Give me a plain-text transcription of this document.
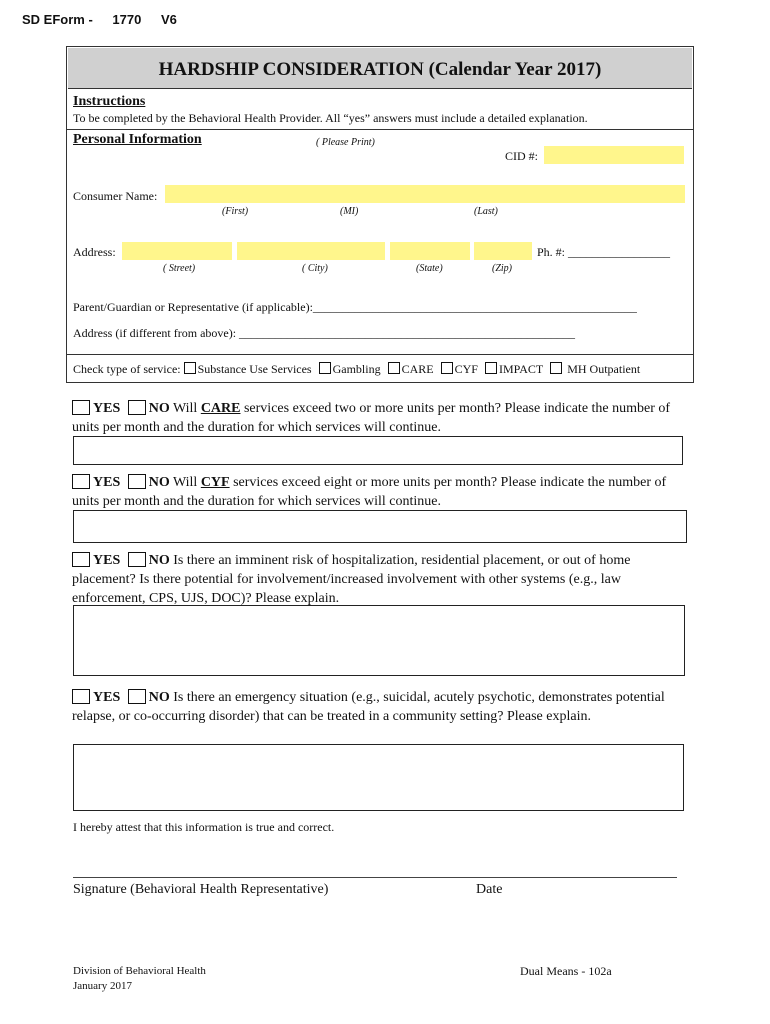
SD EForm - 1770 V6
HARDSHIP CONSIDERATION (Calendar Year 2017)
Instructions
To be completed by the Behavioral Health Provider. All “yes” answers must include a detailed explanation.
Personal Information	( Please Print)
CID #:
Consumer Name:
(First)	(MI)	(Last)
Address:	Ph. #: _________________
( Street)	( City)	(State)	(Zip)
Parent/Guardian or Representative (if applicable):______________________________________________________
Address (if different from above): ________________________________________________________
Check type of service: Substance Use Services Gambling CARE CYF IMPACT  MH Outpatient
YES NO Will CARE services exceed two or more units per month? Please indicate the number of units per month and the duration for which services will continue.
YES NO Will CYF services exceed eight or more units per month? Please indicate the number of units per month and the duration for which services will continue.
YES NO Is there an imminent risk of hospitalization, residential placement, or out of home placement? Is there potential for involvement/increased involvement with other systems (e.g., law enforcement, CPS, UJS, DOC)? Please explain.
YES NO Is there an emergency situation (e.g., suicidal, acutely psychotic, demonstrates potential relapse, or co-occurring disorder) that can be treated in a community setting? Please explain.
I hereby attest that this information is true and correct.
Signature (Behavioral Health Representative)	Date
Division of Behavioral Health
January 2017
Dual Means - 102a
